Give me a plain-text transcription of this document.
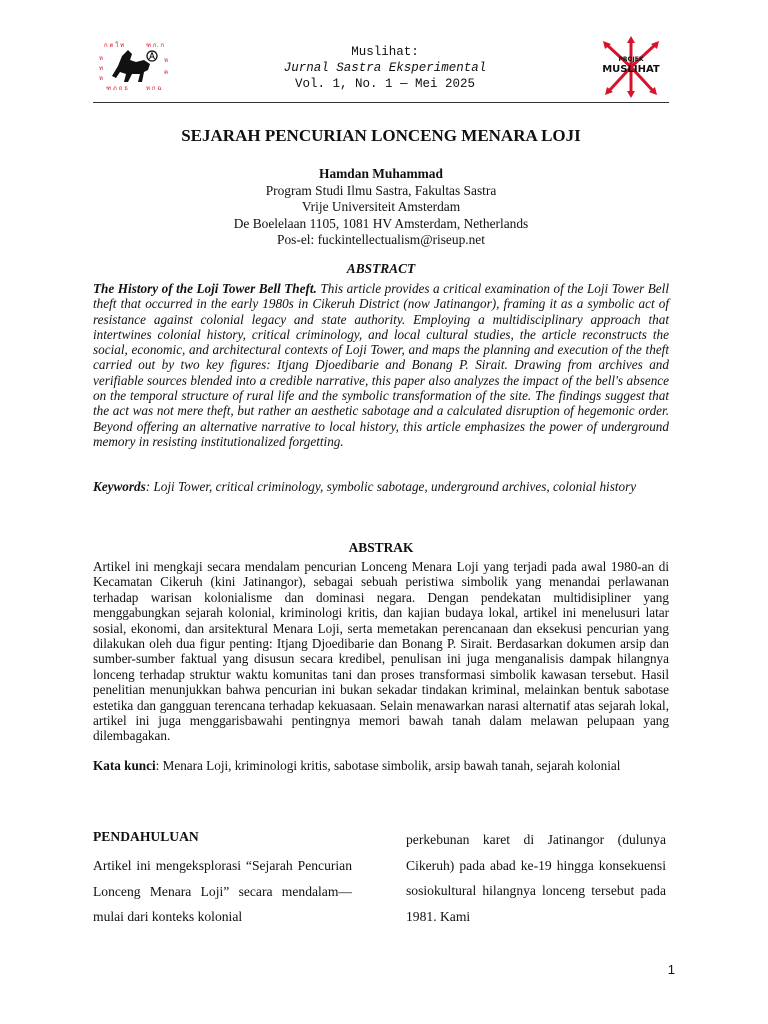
ก ต ใ ท	ฑ ก. ก
ห
ท
ห
ห
ค
ฑ ภ ถ ธ	ห ก ฉ
Muslihat:
Jurnal Sastra Eksperimental
Vol. 1, No. 1 — Mei 2025
PROJEK
MUSLIHAT
SEJARAH PENCURIAN LONCENG MENARA LOJI
Hamdan Muhammad
Program Studi Ilmu Sastra, Fakultas Sastra
Vrije Universiteit Amsterdam
De Boelelaan 1105, 1081 HV Amsterdam, Netherlands
Pos-el: fuckintellectualism@riseup.net
ABSTRACT
The History of the Loji Tower Bell Theft. This article provides a critical examination of the Loji Tower Bell theft that occurred in the early 1980s in Cikeruh District (now Jatinangor), framing it as a symbolic act of resistance against colonial legacy and state authority. Employing a multidisciplinary approach that intertwines colonial history, critical criminology, and local cultural studies, the article reconstructs the social, economic, and architectural contexts of Loji Tower, and maps the planning and execution of the theft carried out by two key figures: Itjang Djoedibarie and Bonang P. Sirait. Drawing from archives and verifiable sources blended into a credible narrative, this paper also analyzes the impact of the bell's absence on the temporal structure of rural life and the symbolic transformation of the site. The findings suggest that the act was not mere theft, but rather an aesthetic sabotage and a calculated disruption of hegemonic order. Beyond offering an alternative narrative to local history, this article emphasizes the power of underground memory in resisting institutionalized forgetting.
Keywords: Loji Tower, critical criminology, symbolic sabotage, underground archives, colonial history
ABSTRAK
Artikel ini mengkaji secara mendalam pencurian Lonceng Menara Loji yang terjadi pada awal 1980-an di Kecamatan Cikeruh (kini Jatinangor), sebagai sebuah peristiwa simbolik yang menandai perlawanan terhadap warisan kolonialisme dan dominasi negara. Dengan pendekatan multidisipliner yang menggabungkan sejarah kolonial, kriminologi kritis, dan kajian budaya lokal, artikel ini menelusuri latar sosial, ekonomi, dan arsitektural Menara Loji, serta memetakan perencanaan dan eksekusi pencurian yang dilakukan oleh dua figur penting: Itjang Djoedibarie dan Bonang P. Sirait. Berdasarkan dokumen arsip dan sumber-sumber faktual yang disusun secara kredibel, penulisan ini juga menganalisis dampak hilangnya lonceng terhadap struktur waktu komunitas tani dan proses transformasi simbolik kawasan tersebut. Hasil penelitian menunjukkan bahwa pencurian ini bukan sekadar tindakan kriminal, melainkan bentuk sabotase estetika dan gangguan terencana terhadap kekuasaan. Selain menawarkan narasi alternatif atas sejarah lokal, artikel ini juga menggarisbawahi pentingnya memori bawah tanah dalam melawan pelupaan yang dilembagakan.
Kata kunci: Menara Loji, kriminologi kritis, sabotase simbolik, arsip bawah tanah, sejarah kolonial
PENDAHULUAN
Artikel ini mengeksplorasi “Sejarah Pencurian Lonceng Menara Loji” secara mendalam—mulai dari konteks kolonial
perkebunan karet di Jatinangor (dulunya Cikeruh) pada abad ke-19 hingga konsekuensi sosiokultural hilangnya lonceng tersebut pada 1981. Kami
1
